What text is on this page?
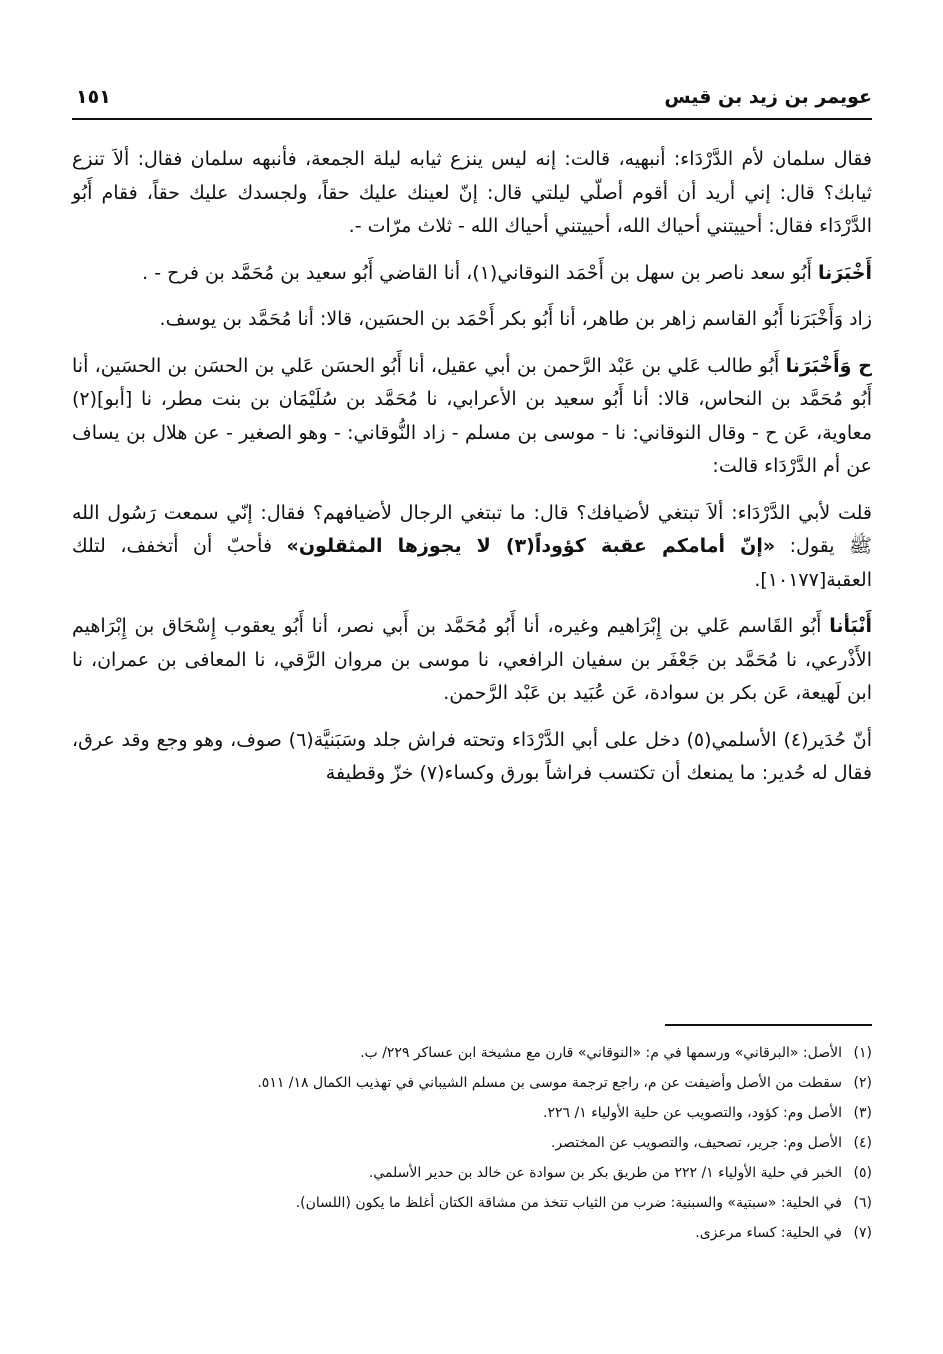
عويمر بن زيد بن قيس
١٥١

فقال سلمان لأم الدَّرْدَاء: أنبهيه، قالت: إنه ليس ينزع ثيابه ليلة الجمعة، فأنبهه سلمان فقال: ألاَ تنزع ثيابك؟ قال: إني أريد أن أقوم أصلّي ليلتي قال: إنّ لعينك عليك حقاً، ولجسدك عليك حقاً، فقام أَبُو الدَّرْدَاء فقال: أحييتني أحياك الله، أحييتني أحياك الله - ثلاث مرّات -.

أَخْبَرَنا أَبُو سعد ناصر بن سهل بن أَحْمَد النوقاني(١)، أنا القاضي أَبُو سعيد بن مُحَمَّد بن فرح - .

زاد وَأَخْبَرَنا أَبُو القاسم زاهر بن طاهر، أنا أَبُو بكر أَحْمَد بن الحسَين، قالا: أنا مُحَمَّد بن يوسف.

ح وَأَخْبَرَنا أَبُو طالب عَلي بن عَبْد الرَّحمن بن أبي عقيل، أنا أَبُو الحسَن عَلي بن الحسَن بن الحسَين، أنا أَبُو مُحَمَّد بن النحاس، قالا: أنا أَبُو سعيد بن الأعرابي، نا مُحَمَّد بن سُلَيْمَان بن بنت مطر، نا [أبو](٢) معاوية، عَن ح - وقال النوقاني: نا - موسى بن مسلم - زاد النُّوقاني: - وهو الصغير - عن هلال بن يساف عن أم الدَّرْدَاء قالت:

قلت لأبي الدَّرْدَاء: ألاَ تبتغي لأضيافك؟ قال: ما تبتغي الرجال لأضيافهم؟ فقال: إنّي سمعت رَسُول الله ﷺ يقول: «إنّ أمامكم عقبة كؤوداً(٣) لا يجوزها المثقلون» فأحبّ أن أتخفف، لتلك العقبة[١٠١٧٧].

أَنْبَأنا أَبُو القَاسم عَلي بن إِبْرَاهيم وغيره، أنا أَبُو مُحَمَّد بن أَبي نصر، أنا أَبُو يعقوب إِسْحَاق بن إِبْرَاهيم الأَذْرعي، نا مُحَمَّد بن جَعْفَر بن سفيان الرافعي، نا موسى بن مروان الرَّقي، نا المعافى بن عمران، نا ابن لَهيعة، عَن بكر بن سوادة، عَن عُبَيد بن عَبْد الرَّحمن.

أنّ حُدَير(٤) الأسلمي(٥) دخل على أبي الدَّرْدَاء وتحته فراش جلد وسَبَنيَّة(٦) صوف، وهو وجع وقد عرق، فقال له حُدير: ما يمنعك أن تكتسب فراشاً بورق وكساء(٧) خزّ وقطيفة

(١)الأصل: «البرقاني» ورسمها في م: «النوقاني» قارن مع مشيخة ابن عساكر ٢٢٩/ ب.
(٢)سقطت من الأصل وأضيفت عن م، راجع ترجمة موسى بن مسلم الشيباني في تهذيب الكمال ١٨/ ٥١١.
(٣)الأصل وم: كؤود، والتصويب عن حلية الأولياء ١/ ٢٢٦.
(٤)الأصل وم: جرير، تصحيف، والتصويب عن المختصر.
(٥)الخبر في حلية الأولياء ١/ ٢٢٢ من طريق بكر بن سوادة عن خالد بن حدير الأسلمي.
(٦)في الحلية: «سبتية» والسبنية: ضرب من الثياب تتخذ من مشاقة الكتان أغلظ ما يكون (اللسان).
(٧)في الحلية: كساء مرعزى.
